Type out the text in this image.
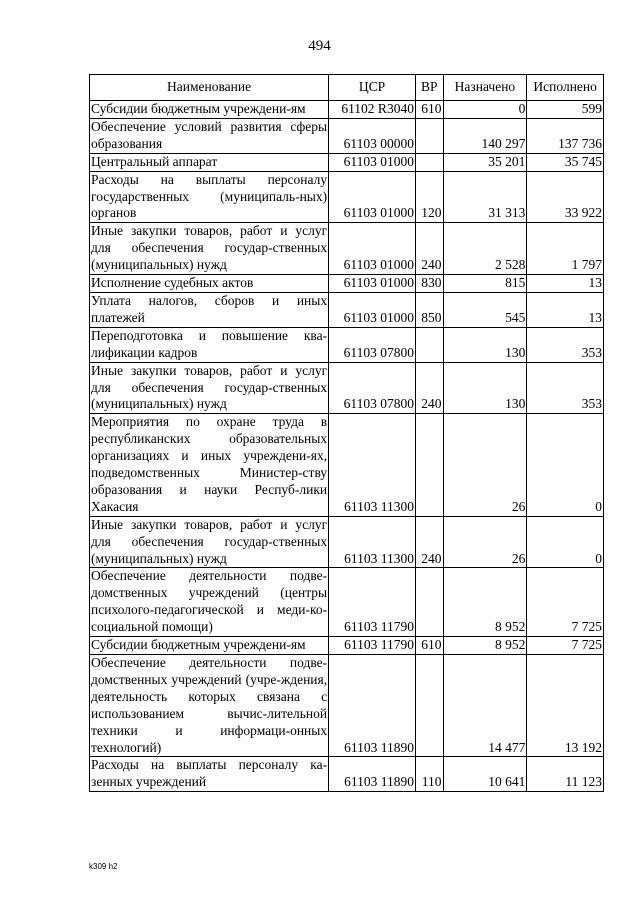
494
Наименование	ЦСР	ВР	Назначено	Исполнено
Субсидии бюджетным учреждени-ям	61102 R3040	610	0	599
Обеспечение условий развития сферы образования	61103 00000		140 297	137 736
Центральный аппарат	61103 01000		35 201	35 745
Расходы на выплаты персоналу государственных (муниципаль-ных) органов	61103 01000	120	31 313	33 922
Иные закупки товаров, работ и услуг для обеспечения государ-ственных (муниципальных) нужд	61103 01000	240	2 528	1 797
Исполнение судебных актов	61103 01000	830	815	13
Уплата налогов, сборов и иных платежей	61103 01000	850	545	13
Переподготовка и повышение ква-лификации кадров	61103 07800		130	353
Иные закупки товаров, работ и услуг для обеспечения государ-ственных (муниципальных) нужд	61103 07800	240	130	353
Мероприятия по охране труда в республиканских образовательных организациях и иных учреждени-ях, подведомственных Министер-ству образования и науки Респуб-лики Хакасия	61103 11300		26	0
Иные закупки товаров, работ и услуг для обеспечения государ-ственных (муниципальных) нужд	61103 11300	240	26	0
Обеспечение деятельности подве-домственных учреждений (центры психолого-педагогической и меди-ко-социальной помощи)	61103 11790		8 952	7 725
Субсидии бюджетным учреждени-ям	61103 11790	610	8 952	7 725
Обеспечение деятельности подве-домственных учреждений (учре-ждения, деятельность которых связана с использованием вычис-лительной техники и информаци-онных технологий)	61103 11890		14 477	13 192
Расходы на выплаты персоналу ка-зенных учреждений	61103 11890	110	10 641	11 123
k309 h2
